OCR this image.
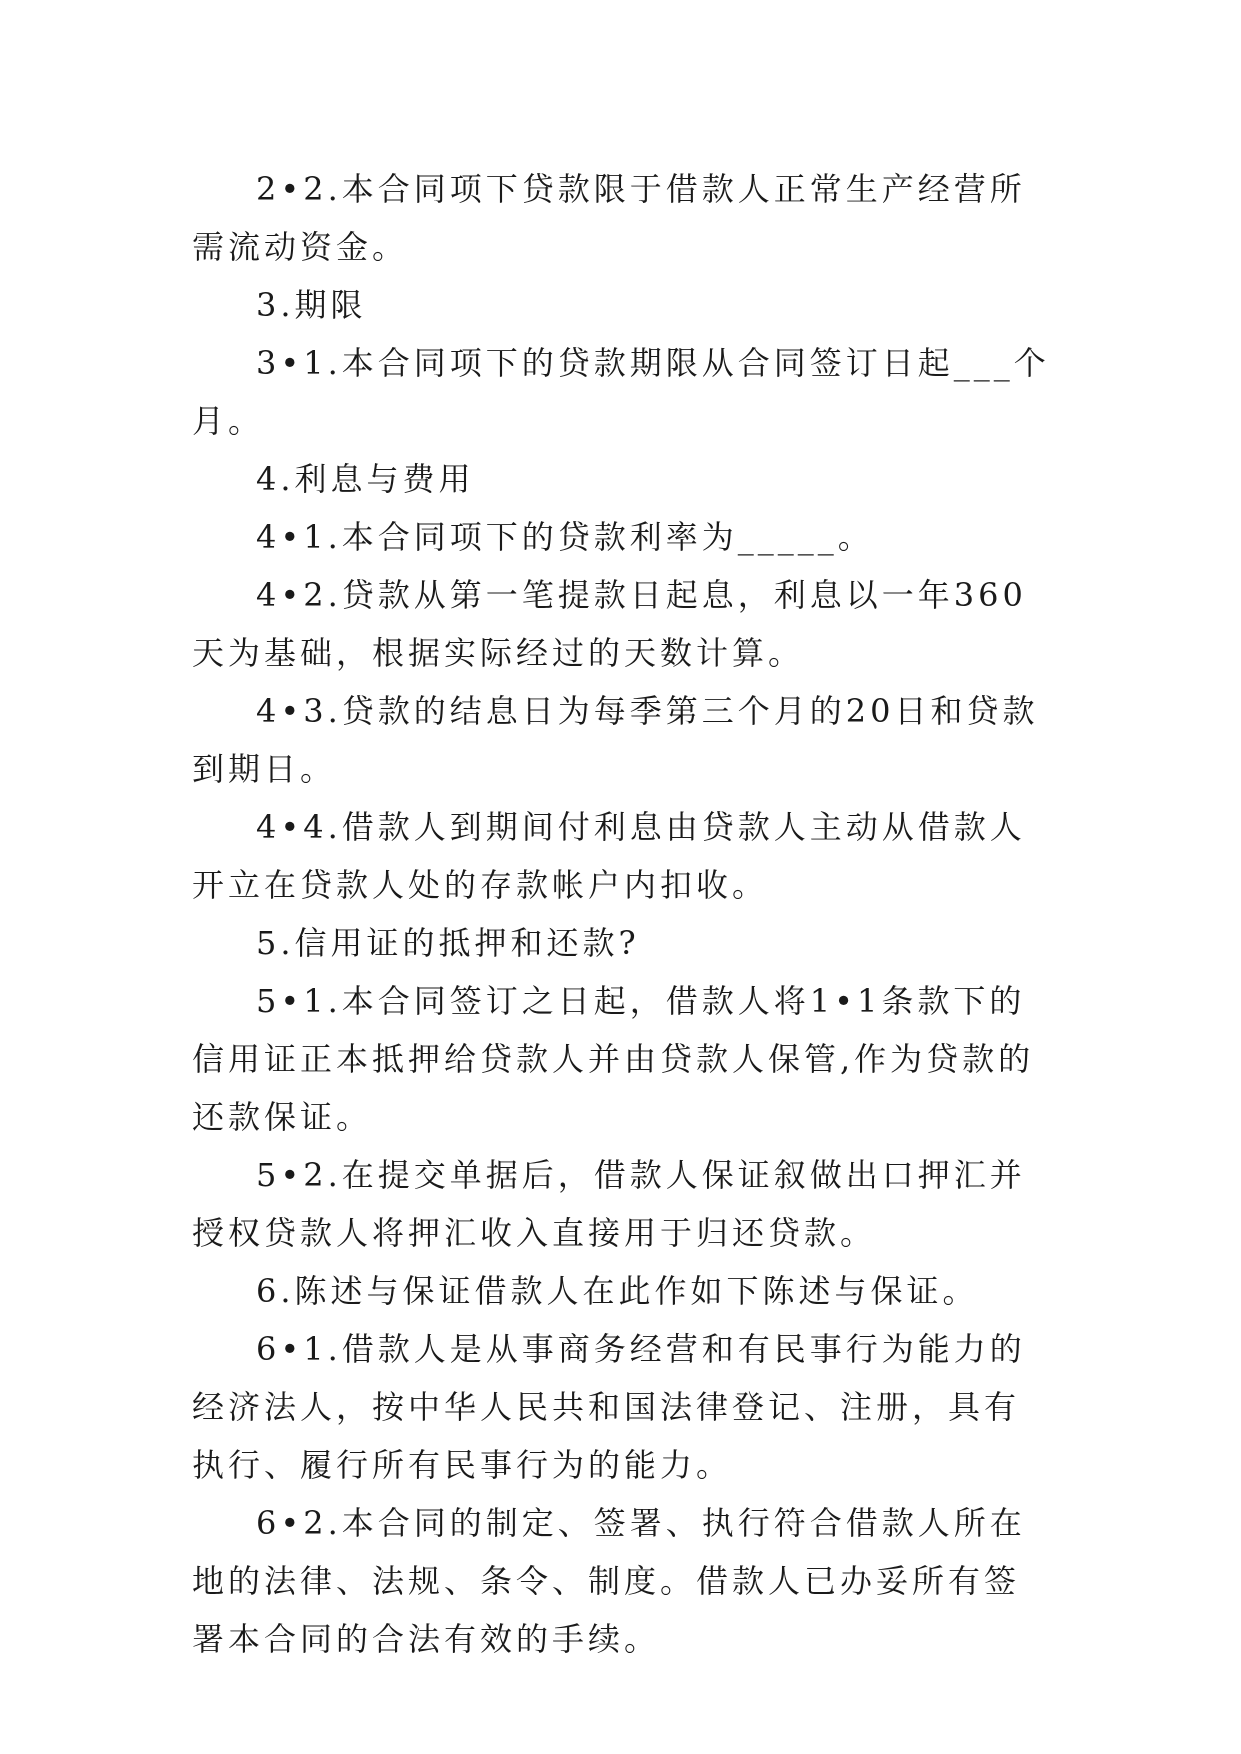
2•2.本合同项下贷款限于借款人正常生产经营所需流动资金。

3.期限

3•1.本合同项下的贷款期限从合同签订日起___个月。

4.利息与费用

4•1.本合同项下的贷款利率为_____。

4•2.贷款从第一笔提款日起息，利息以一年360天为基础，根据实际经过的天数计算。

4•3.贷款的结息日为每季第三个月的20日和贷款到期日。

4•4.借款人到期间付利息由贷款人主动从借款人开立在贷款人处的存款帐户内扣收。

5.信用证的抵押和还款?

5•1.本合同签订之日起，借款人将1•1条款下的信用证正本抵押给贷款人并由贷款人保管,作为贷款的还款保证。

5•2.在提交单据后，借款人保证叙做出口押汇并授权贷款人将押汇收入直接用于归还贷款。

6.陈述与保证借款人在此作如下陈述与保证。

6•1.借款人是从事商务经营和有民事行为能力的经济法人，按中华人民共和国法律登记、注册，具有执行、履行所有民事行为的能力。

6•2.本合同的制定、签署、执行符合借款人所在地的法律、法规、条令、制度。借款人已办妥所有签署本合同的合法有效的手续。
